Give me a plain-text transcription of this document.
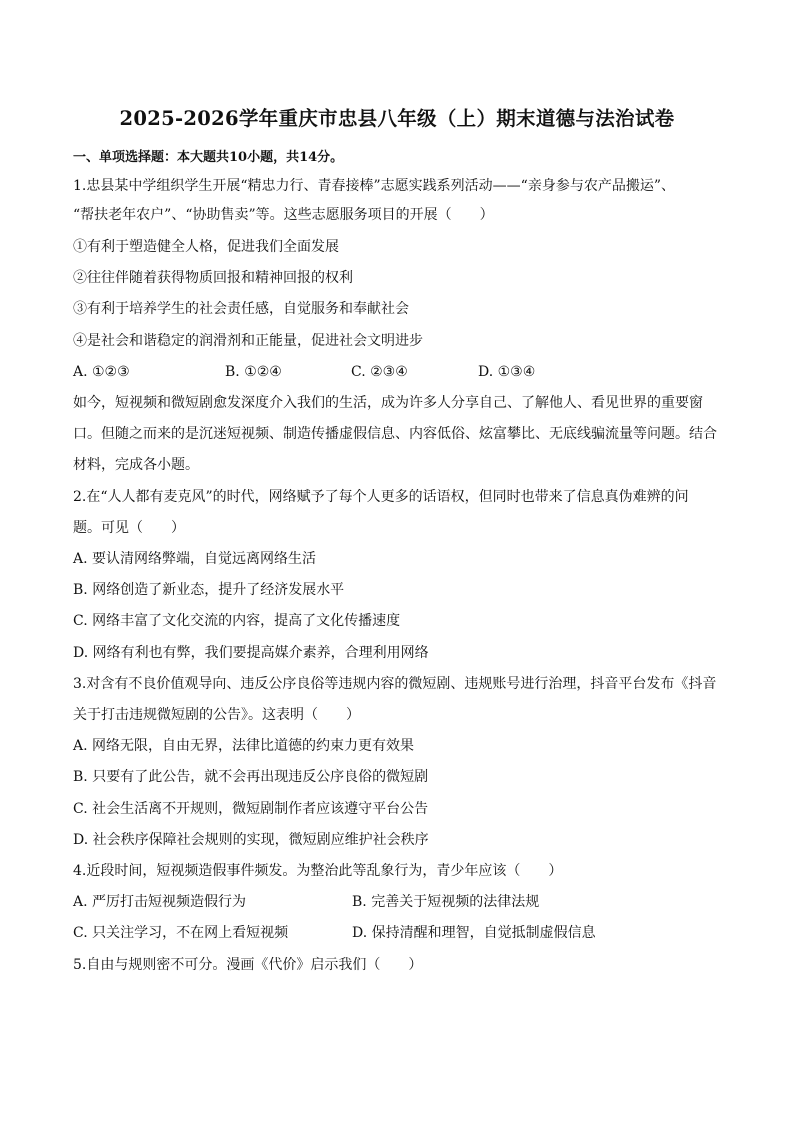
2025-2026学年重庆市忠县八年级（上）期末道德与法治试卷
一、单项选择题：本大题共10小题，共14分。
1.忠县某中学组织学生开展“精忠力行、青春接棒”志愿实践系列活动——“亲身参与农产品搬运”、
“帮扶老年农户”、“协助售卖”等。这些志愿服务项目的开展（　　）
①有利于塑造健全人格，促进我们全面发展
②往往伴随着获得物质回报和精神回报的权利
③有利于培养学生的社会责任感，自觉服务和奉献社会
④是社会和谐稳定的润滑剂和正能量，促进社会文明进步
A. ①②③	B. ①②④	C. ②③④	D. ①③④
如今，短视频和微短剧愈发深度介入我们的生活，成为许多人分享自己、了解他人、看见世界的重要窗
口。但随之而来的是沉迷短视频、制造传播虚假信息、内容低俗、炫富攀比、无底线骗流量等问题。结合
材料，完成各小题。
2.在“人人都有麦克风”的时代，网络赋予了每个人更多的话语权，但同时也带来了信息真伪难辨的问
题。可见（　　）
A. 要认清网络弊端，自觉远离网络生活
B. 网络创造了新业态，提升了经济发展水平
C. 网络丰富了文化交流的内容，提高了文化传播速度
D. 网络有利也有弊，我们要提高媒介素养，合理利用网络
3.对含有不良价值观导向、违反公序良俗等违规内容的微短剧、违规账号进行治理，抖音平台发布《抖音
关于打击违规微短剧的公告》。这表明（　　）
A. 网络无限，自由无界，法律比道德的约束力更有效果
B. 只要有了此公告，就不会再出现违反公序良俗的微短剧
C. 社会生活离不开规则，微短剧制作者应该遵守平台公告
D. 社会秩序保障社会规则的实现，微短剧应维护社会秩序
4.近段时间，短视频造假事件频发。为整治此等乱象行为，青少年应该（　　）
A. 严厉打击短视频造假行为	B. 完善关于短视频的法律法规
C. 只关注学习，不在网上看短视频	D. 保持清醒和理智，自觉抵制虚假信息
5.自由与规则密不可分。漫画《代价》启示我们（　　）
